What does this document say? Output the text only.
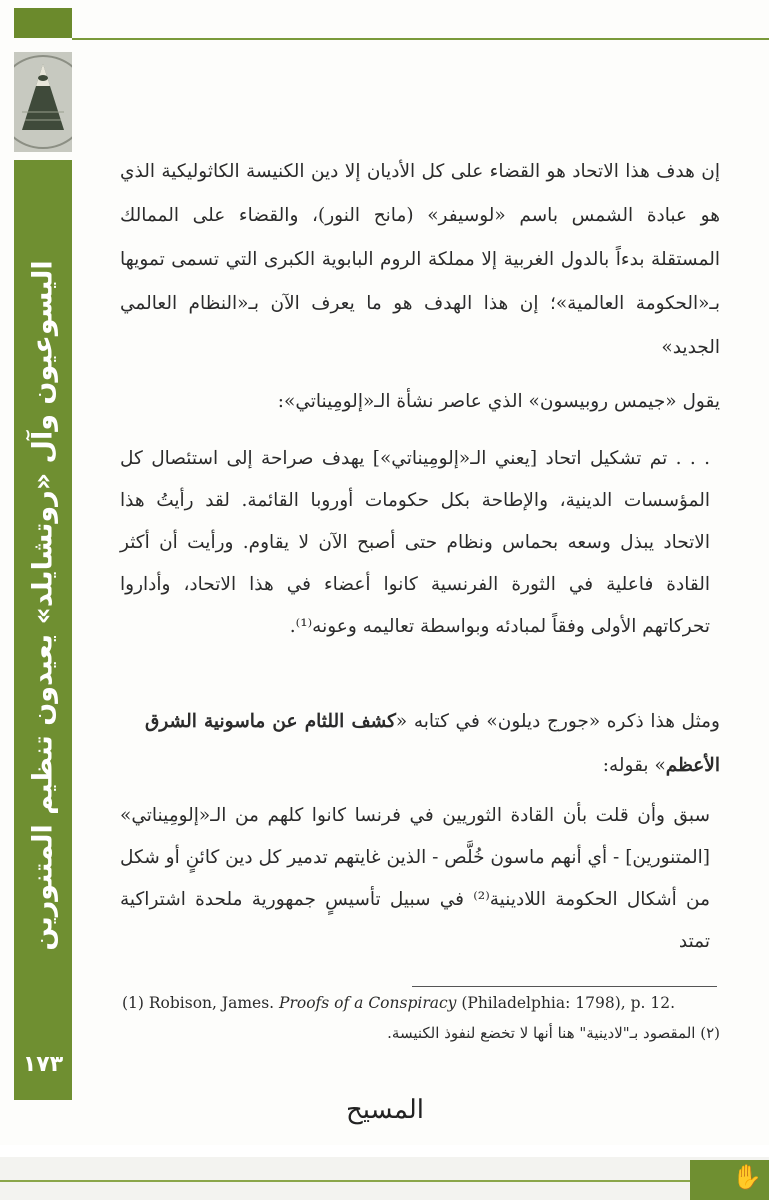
اليسوعيون وآل «روتشايلد» يعيدون تنظيم المتنورين
١٧٣
إن هدف هذا الاتحاد هو القضاء على كل الأديان إلا دين الكنيسة الكاثوليكية الذي هو عبادة الشمس باسم «لوسيفر» (مانح النور)، والقضاء على الممالك المستقلة بدءاً بالدول الغربية إلا مملكة الروم البابوية الكبرى التي تسمى تمويها بـ«الحكومة العالمية»؛ إن هذا الهدف هو ما يعرف الآن بـ«النظام العالمي الجديد»
يقول «جيمس روبيسون» الذي عاصر نشأة الـ«إلومِيناتي»:
. . . تم تشكيل اتحاد [يعني الـ«إلومِيناتي»] يهدف صراحة إلى استئصال كل المؤسسات الدينية، والإطاحة بكل حكومات أوروبا القائمة. لقد رأيتُ هذا الاتحاد يبذل وسعه بحماس ونظام حتى أصبح الآن لا يقاوم. ورأيت أن أكثر القادة فاعلية في الثورة الفرنسية كانوا أعضاء في هذا الاتحاد، وأداروا تحركاتهم الأولى وفقاً لمبادئه وبواسطة تعاليمه وعونه⁽¹⁾.
ومثل هذا ذكره «جورج ديلون» في كتابه «كشف اللثام عن ماسونية الشرق الأعظم» بقوله:
سبق وأن قلت بأن القادة الثوريين في فرنسا كانوا كلهم من الـ«إلومِيناتي» [المتنورين] - أي أنهم ماسون خُلَّص - الذين غايتهم تدمير كل دين كائنٍ أو شكل من أشكال الحكومة اللادينية⁽²⁾ في سبيل تأسيسٍ جمهورية ملحدة اشتراكية تمتد
(1) Robison, James. Proofs of a Conspiracy (Philadelphia: 1798), p. 12.
(٢) المقصود بـ"لادينية" هنا أنها لا تخضع لنفوذ الكنيسة.
المسيح
✋
